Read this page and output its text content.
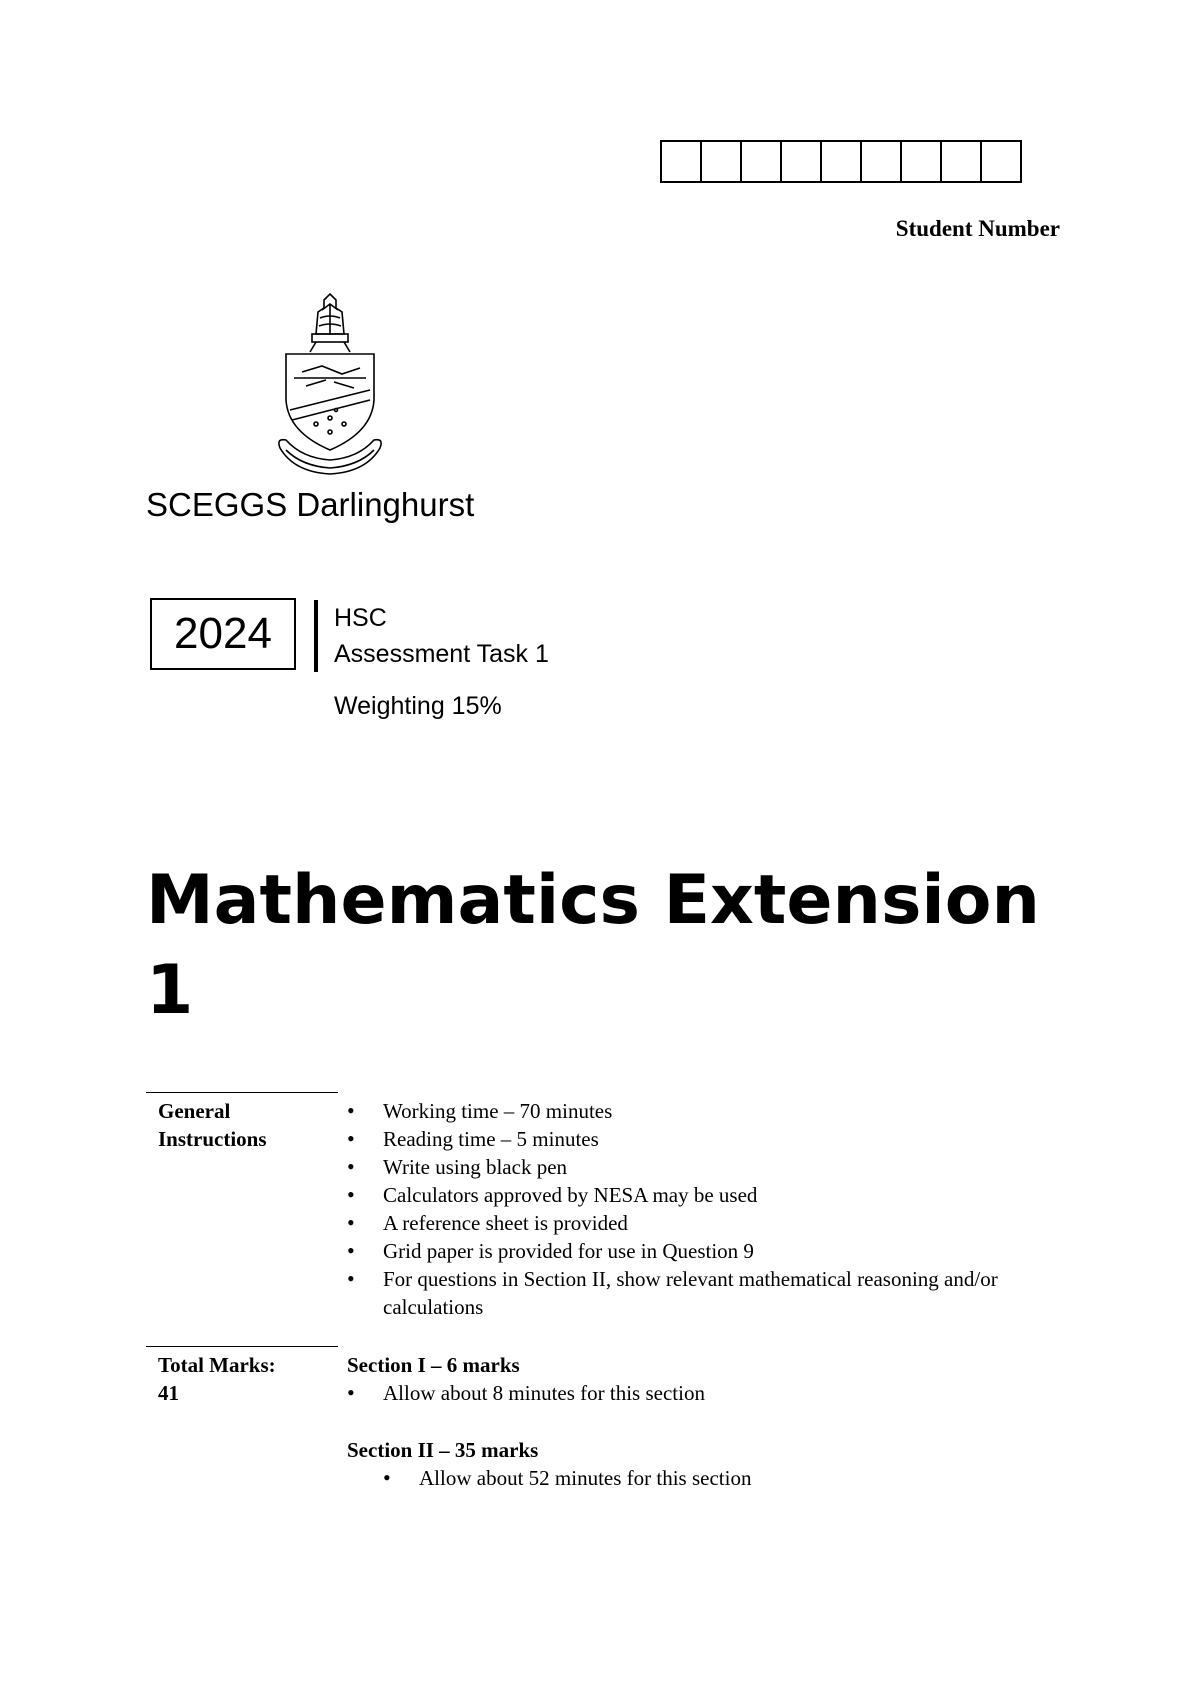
Student Number
SCEGGS Darlinghurst
2024	HSC
Assessment Task 1
Weighting 15%
Mathematics Extension 1
General Instructions
• Working time – 70 minutes
• Reading time – 5 minutes
• Write using black pen
• Calculators approved by NESA may be used
• A reference sheet is provided
• Grid paper is provided for use in Question 9
• For questions in Section II, show relevant mathematical reasoning and/or calculations
Total Marks:
41
Section I – 6 marks
• Allow about 8 minutes for this section
Section II – 35 marks
• Allow about 52 minutes for this section
